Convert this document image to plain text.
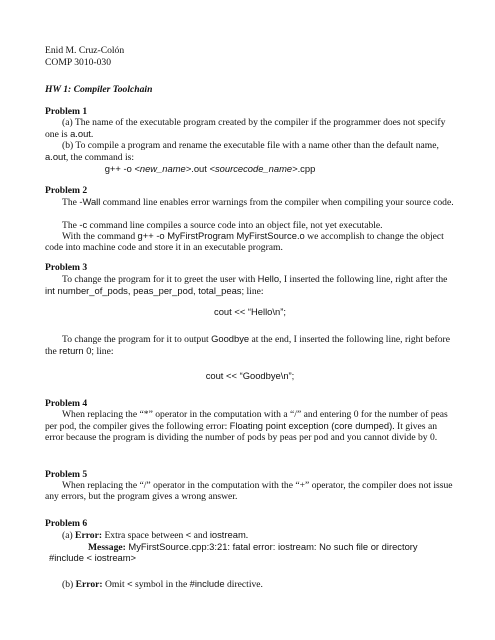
Enid M. Cruz-Colón
COMP 3010-030
HW 1: Compiler Toolchain
Problem 1
(a) The name of the executable program created by the compiler if the programmer does not specify one is a.out.
(b) To compile a program and rename the executable file with a name other than the default name, a.out, the command is:
g++ -o <new_name>.out <sourcecode_name>.cpp
Problem 2
The -Wall command line enables error warnings from the compiler when compiling your source code.
The -c command line compiles a source code into an object file, not yet executable.
With the command g++ -o MyFirstProgram MyFirstSource.o we accomplish to change the object code into machine code and store it in an executable program.
Problem 3
To change the program for it to greet the user with Hello, I inserted the following line, right after the int number_of_pods, peas_per_pod, total_peas; line:
cout << “Hello\n”;
To change the program for it to output Goodbye at the end, I inserted the following line, right before the return 0; line:
cout << “Goodbye\n”;
Problem 4
When replacing the “*” operator in the computation with a “/” and entering 0 for the number of peas per pod, the compiler gives the following error: Floating point exception (core dumped). It gives an error because the program is dividing the number of pods by peas per pod and you cannot divide by 0.
Problem 5
When replacing the “/” operator in the computation with the “+” operator, the compiler does not issue any errors, but the program gives a wrong answer.
Problem 6
(a) Error: Extra space between < and iostream.
Message: MyFirstSource.cpp:3:21: fatal error: iostream: No such file or directory
#include < iostream>
(b) Error: Omit < symbol in the #include directive.
